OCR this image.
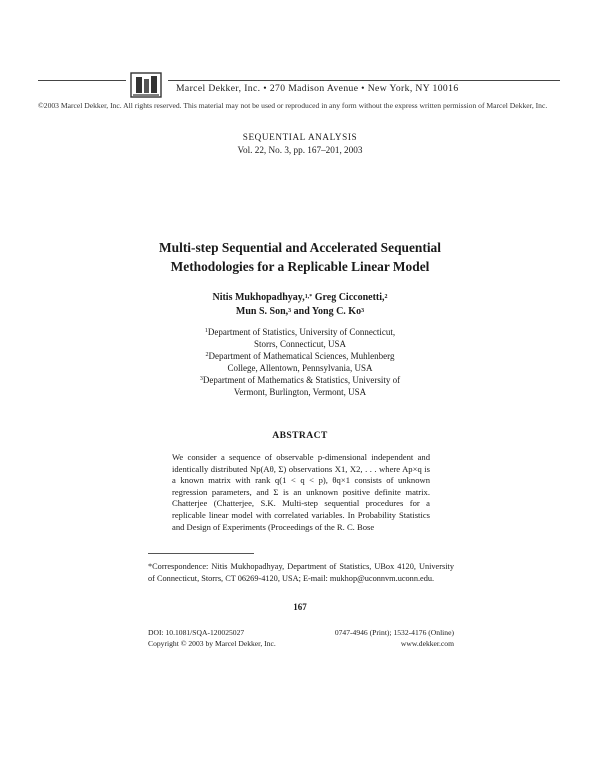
Marcel Dekker, Inc. • 270 Madison Avenue • New York, NY 10016
©2003 Marcel Dekker, Inc. All rights reserved. This material may not be used or reproduced in any form without the express written permission of Marcel Dekker, Inc.
SEQUENTIAL ANALYSIS
Vol. 22, No. 3, pp. 167–201, 2003
Multi-step Sequential and Accelerated Sequential
Methodologies for a Replicable Linear Model
Nitis Mukhopadhyay,$^{1,*}$ Greg Cicconetti,$^2$
Mun S. Son,$^3$ and Yong C. Ko$^3$
$^1$Department of Statistics, University of Connecticut,
Storrs, Connecticut, USA
$^2$Department of Mathematical Sciences, Muhlenberg
College, Allentown, Pennsylvania, USA
$^3$Department of Mathematics & Statistics, University of
Vermont, Burlington, Vermont, USA
ABSTRACT
We consider a sequence of observable p-dimensional independent and identically distributed Np(Aθ, Σ) observations X1, X2, . . . where Ap×q is a known matrix with rank q(1 < q < p), θq×1 consists of unknown regression parameters, and Σ is an unknown positive definite matrix. Chatterjee (Chatterjee, S.K. Multi-step sequential procedures for a replicable linear model with correlated variables. In Probability Statistics and Design of Experiments (Proceedings of the R. C. Bose
*Correspondence: Nitis Mukhopadhyay, Department of Statistics, UBox 4120, University of Connecticut, Storrs, CT 06269-4120, USA; E-mail: mukhop@uconnvm.uconn.edu.
167
DOI: 10.1081/SQA-120025027
Copyright © 2003 by Marcel Dekker, Inc.
0747-4946 (Print); 1532-4176 (Online)
www.dekker.com
